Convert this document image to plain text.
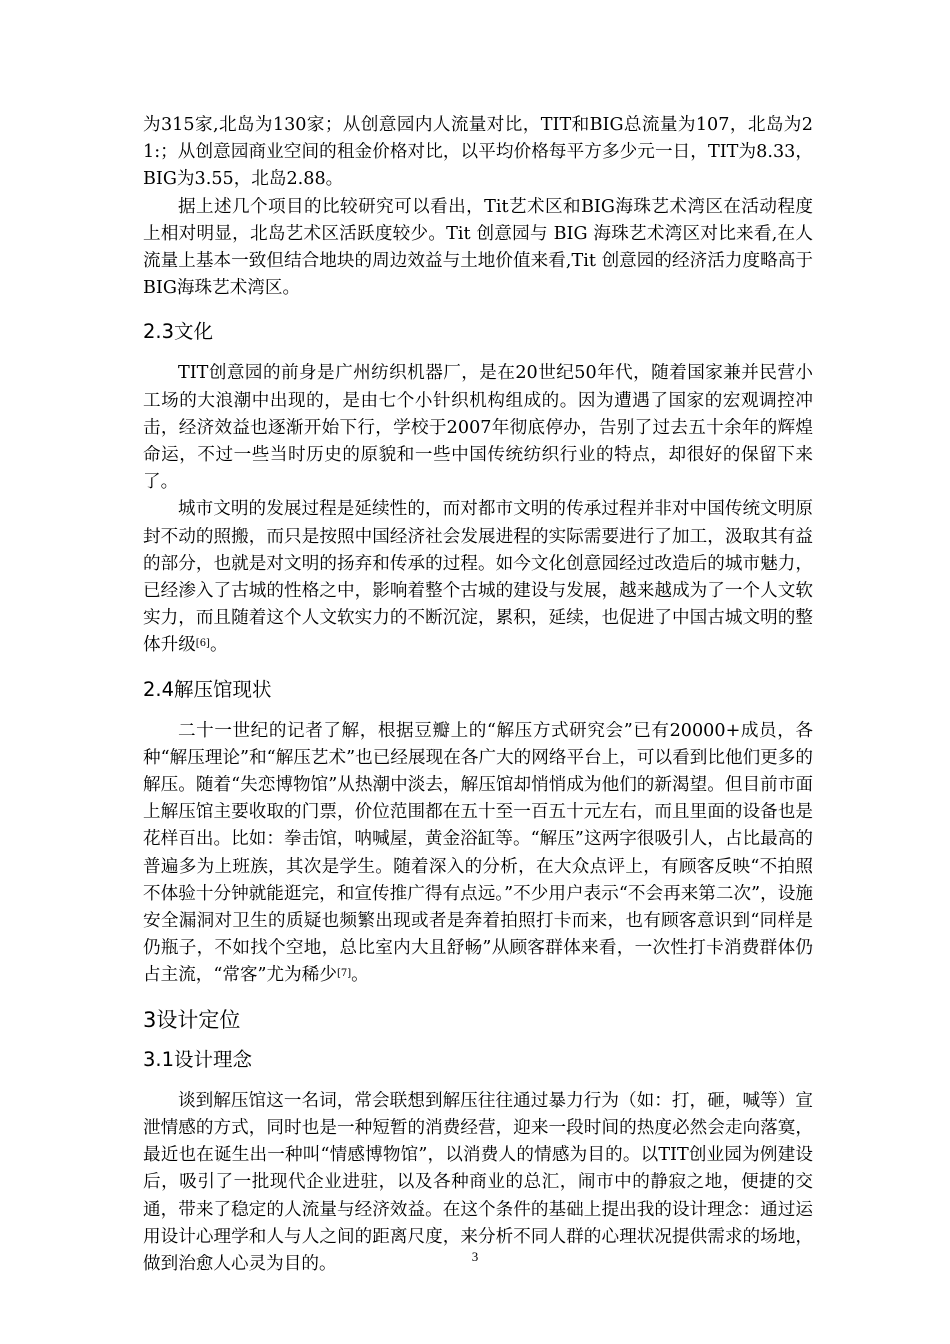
为315家,北岛为130家；从创意园内人流量对比，TIT和BIG总流量为107，北岛为21:；从创意园商业空间的租金价格对比，以平均价格每平方多少元一日，TIT为8.33，BIG为3.55，北岛2.88。

据上述几个项目的比较研究可以看出，Tit艺术区和BIG海珠艺术湾区在活动程度上相对明显，北岛艺术区活跃度较少。Tit 创意园与 BIG 海珠艺术湾区对比来看,在人流量上基本一致但结合地块的周边效益与土地价值来看,Tit 创意园的经济活力度略高于 BIG海珠艺术湾区。

2.3文化

TIT创意园的前身是广州纺织机器厂，是在20世纪50年代，随着国家兼并民营小工场的大浪潮中出现的，是由七个小针织机构组成的。因为遭遇了国家的宏观调控冲击，经济效益也逐渐开始下行，学校于2007年彻底停办，告别了过去五十余年的辉煌命运，不过一些当时历史的原貌和一些中国传统纺织行业的特点，却很好的保留下来了。

城市文明的发展过程是延续性的，而对都市文明的传承过程并非对中国传统文明原封不动的照搬，而只是按照中国经济社会发展进程的实际需要进行了加工，汲取其有益的部分，也就是对文明的扬弃和传承的过程。如今文化创意园经过改造后的城市魅力，已经渗入了古城的性格之中，影响着整个古城的建设与发展，越来越成为了一个人文软实力，而且随着这个人文软实力的不断沉淀，累积，延续，也促进了中国古城文明的整体升级[6]。

2.4解压馆现状

二十一世纪的记者了解，根据豆瓣上的“解压方式研究会”已有20000+成员，各种“解压理论”和“解压艺术”也已经展现在各广大的网络平台上，可以看到比他们更多的解压。随着“失恋博物馆”从热潮中淡去，解压馆却悄悄成为他们的新渴望。但目前市面上解压馆主要收取的门票，价位范围都在五十至一百五十元左右，而且里面的设备也是花样百出。比如：拳击馆，呐喊屋，黄金浴缸等。“解压”这两字很吸引人，占比最高的普遍多为上班族，其次是学生。随着深入的分析，在大众点评上，有顾客反映“不拍照不体验十分钟就能逛完，和宣传推广得有点远。”不少用户表示“不会再来第二次”，设施安全漏洞对卫生的质疑也频繁出现或者是奔着拍照打卡而来，也有顾客意识到“同样是仍瓶子，不如找个空地，总比室内大且舒畅”从顾客群体来看，一次性打卡消费群体仍占主流，“常客”尤为稀少[7]。

3设计定位
3.1设计理念

谈到解压馆这一名词，常会联想到解压往往通过暴力行为（如：打，砸，喊等）宣泄情感的方式，同时也是一种短暂的消费经营，迎来一段时间的热度必然会走向落寞，最近也在诞生出一种叫“情感博物馆”，以消费人的情感为目的。以TIT创业园为例建设后，吸引了一批现代企业进驻，以及各种商业的总汇，闹市中的静寂之地，便捷的交通，带来了稳定的人流量与经济效益。在这个条件的基础上提出我的设计理念：通过运用设计心理学和人与人之间的距离尺度，来分析不同人群的心理状况提供需求的场地，做到治愈人心灵为目的。	3
